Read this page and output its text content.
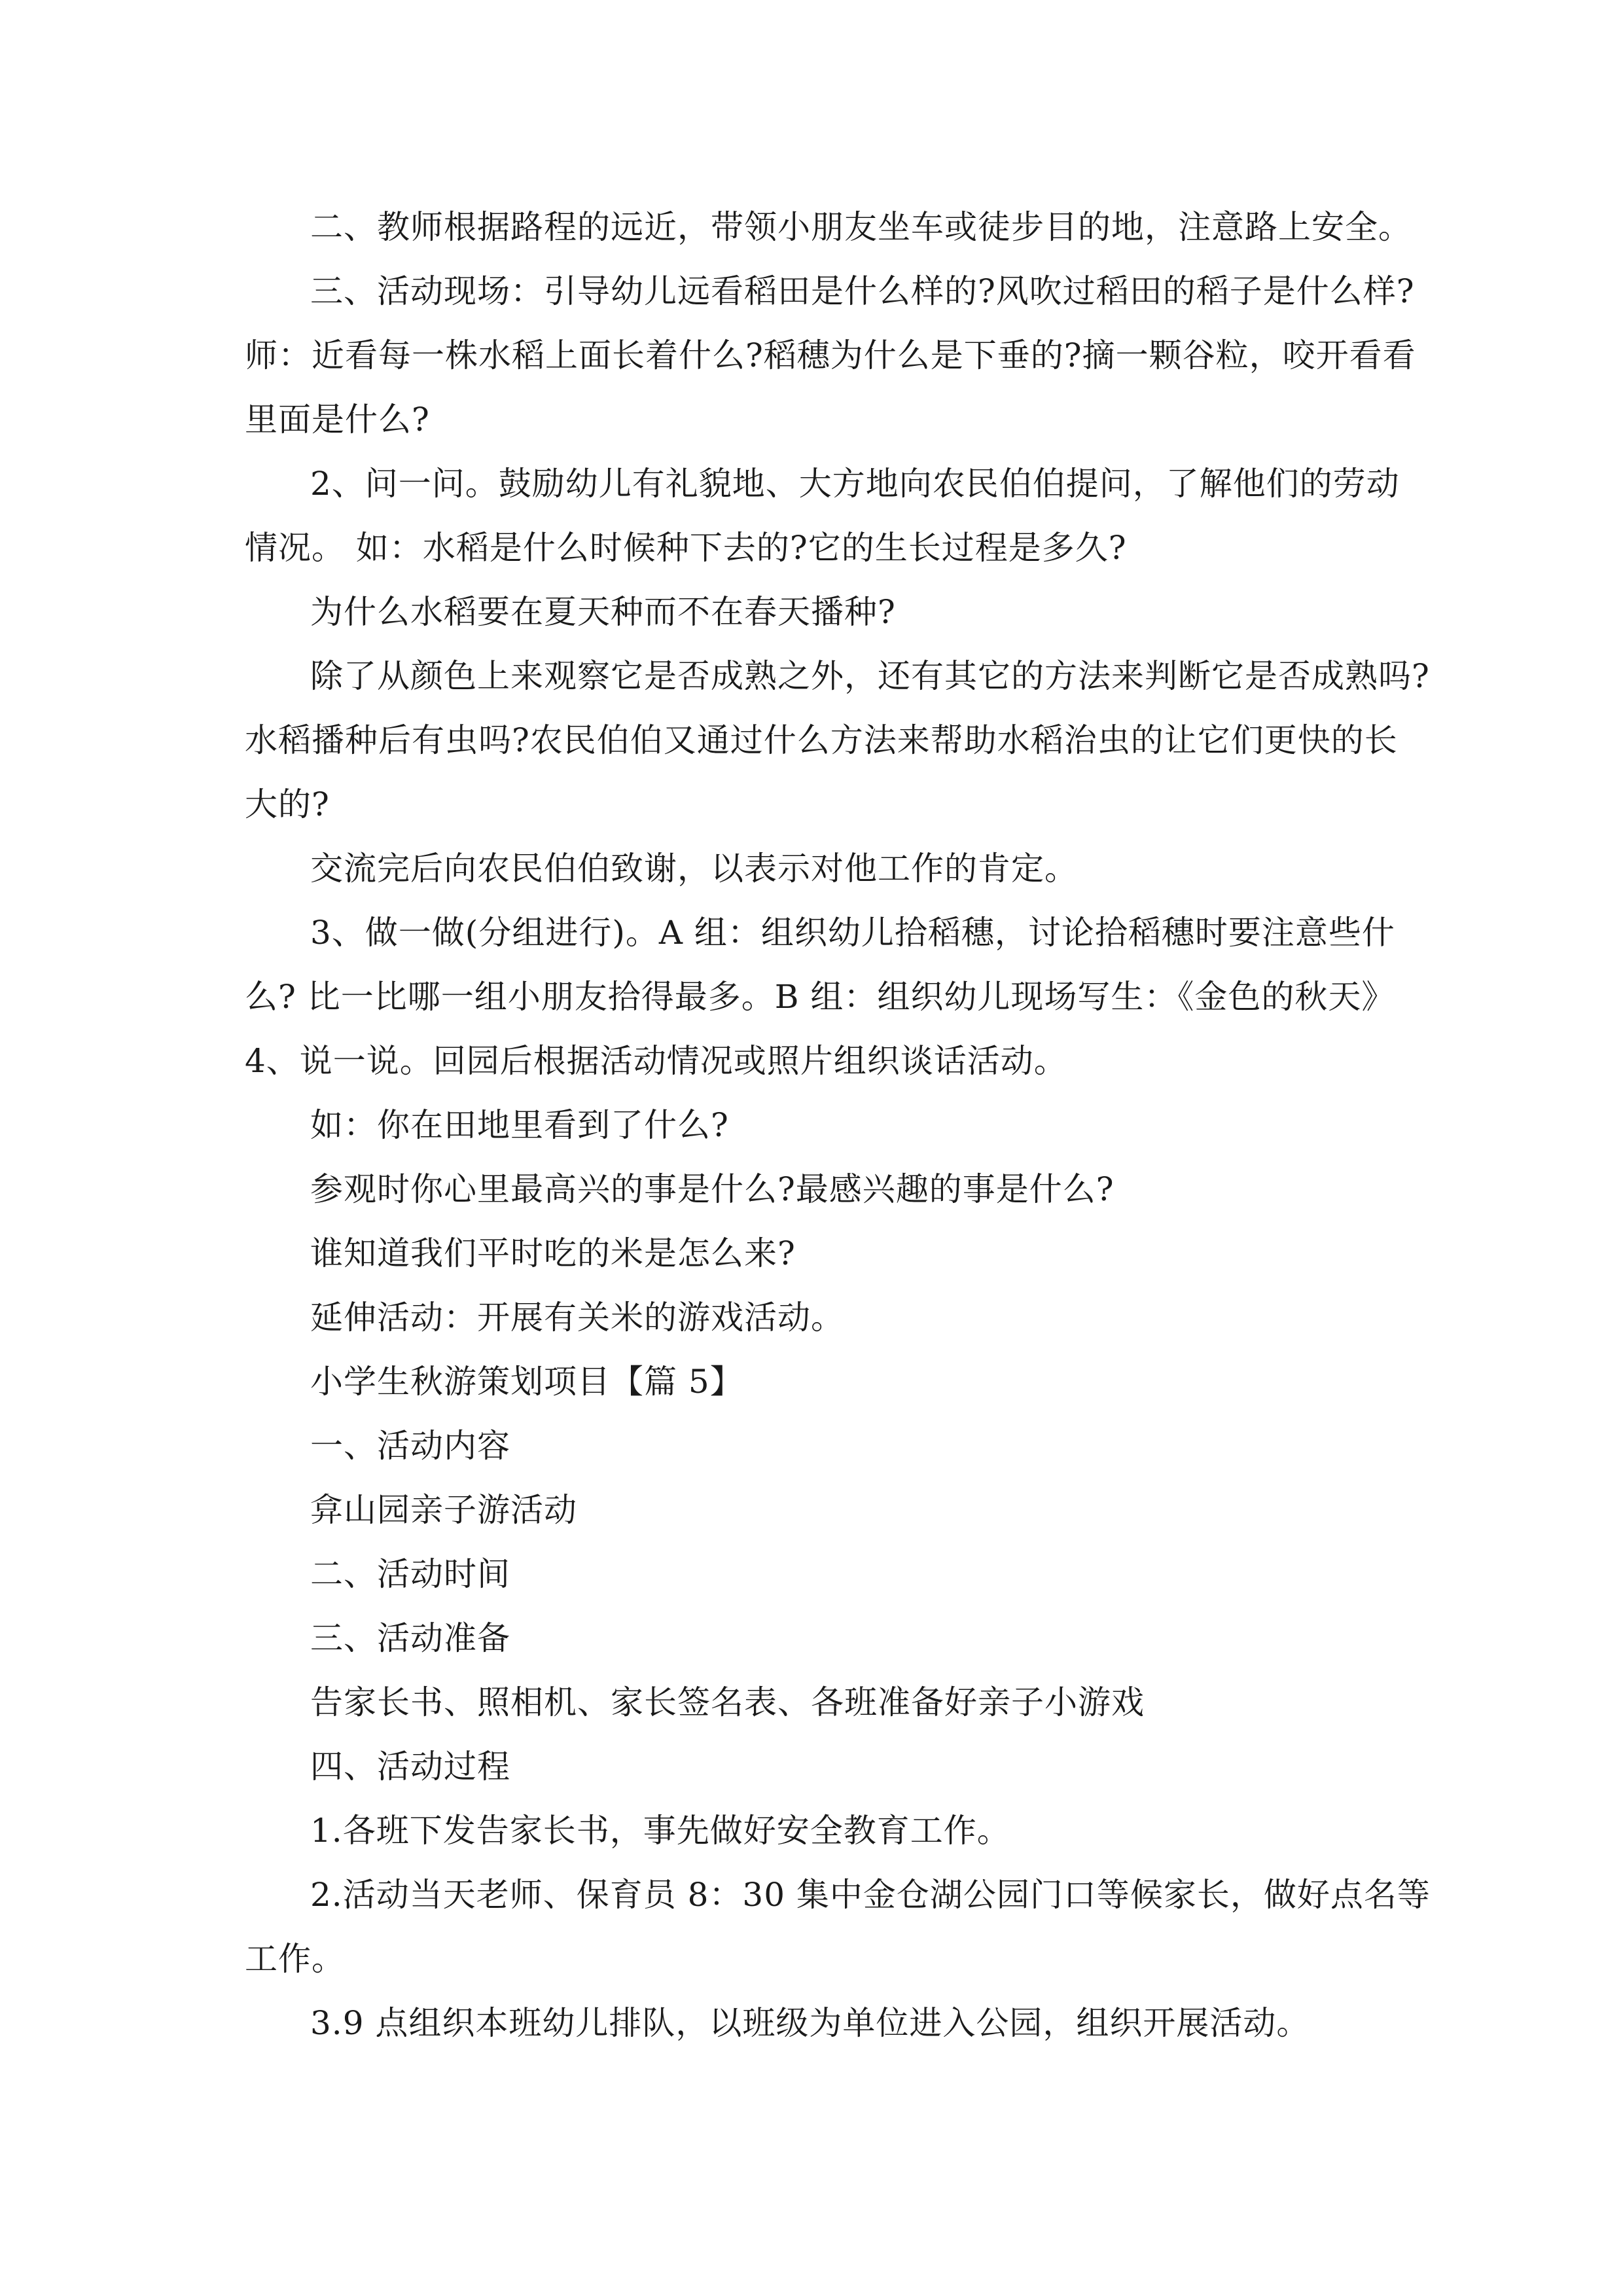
二、教师根据路程的远近，带领小朋友坐车或徒步目的地，注意路上安全。
三、活动现场：引导幼儿远看稻田是什么样的?风吹过稻田的稻子是什么样?
师：近看每一株水稻上面长着什么?稻穗为什么是下垂的?摘一颗谷粒，咬开看看
里面是什么?
2、问一问。鼓励幼儿有礼貌地、大方地向农民伯伯提问，了解他们的劳动
情况。 如：水稻是什么时候种下去的?它的生长过程是多久?
为什么水稻要在夏天种而不在春天播种?
除了从颜色上来观察它是否成熟之外，还有其它的方法来判断它是否成熟吗?
水稻播种后有虫吗?农民伯伯又通过什么方法来帮助水稻治虫的让它们更快的长
大的?
交流完后向农民伯伯致谢，以表示对他工作的肯定。
3、做一做(分组进行)。A 组：组织幼儿拾稻穗，讨论拾稻穗时要注意些什
么? 比一比哪一组小朋友拾得最多。B 组：组织幼儿现场写生：《金色的秋天》
4、说一说。回园后根据活动情况或照片组织谈话活动。
如：你在田地里看到了什么?
参观时你心里最高兴的事是什么?最感兴趣的事是什么?
谁知道我们平时吃的米是怎么来?
延伸活动：开展有关米的游戏活动。
小学生秋游策划项目【篇 5】
一、活动内容
弇山园亲子游活动
二、活动时间
三、活动准备
告家长书、照相机、家长签名表、各班准备好亲子小游戏
四、活动过程
1.各班下发告家长书，事先做好安全教育工作。
2.活动当天老师、保育员 8：30 集中金仓湖公园门口等候家长，做好点名等
工作。
3.9 点组织本班幼儿排队，以班级为单位进入公园，组织开展活动。
